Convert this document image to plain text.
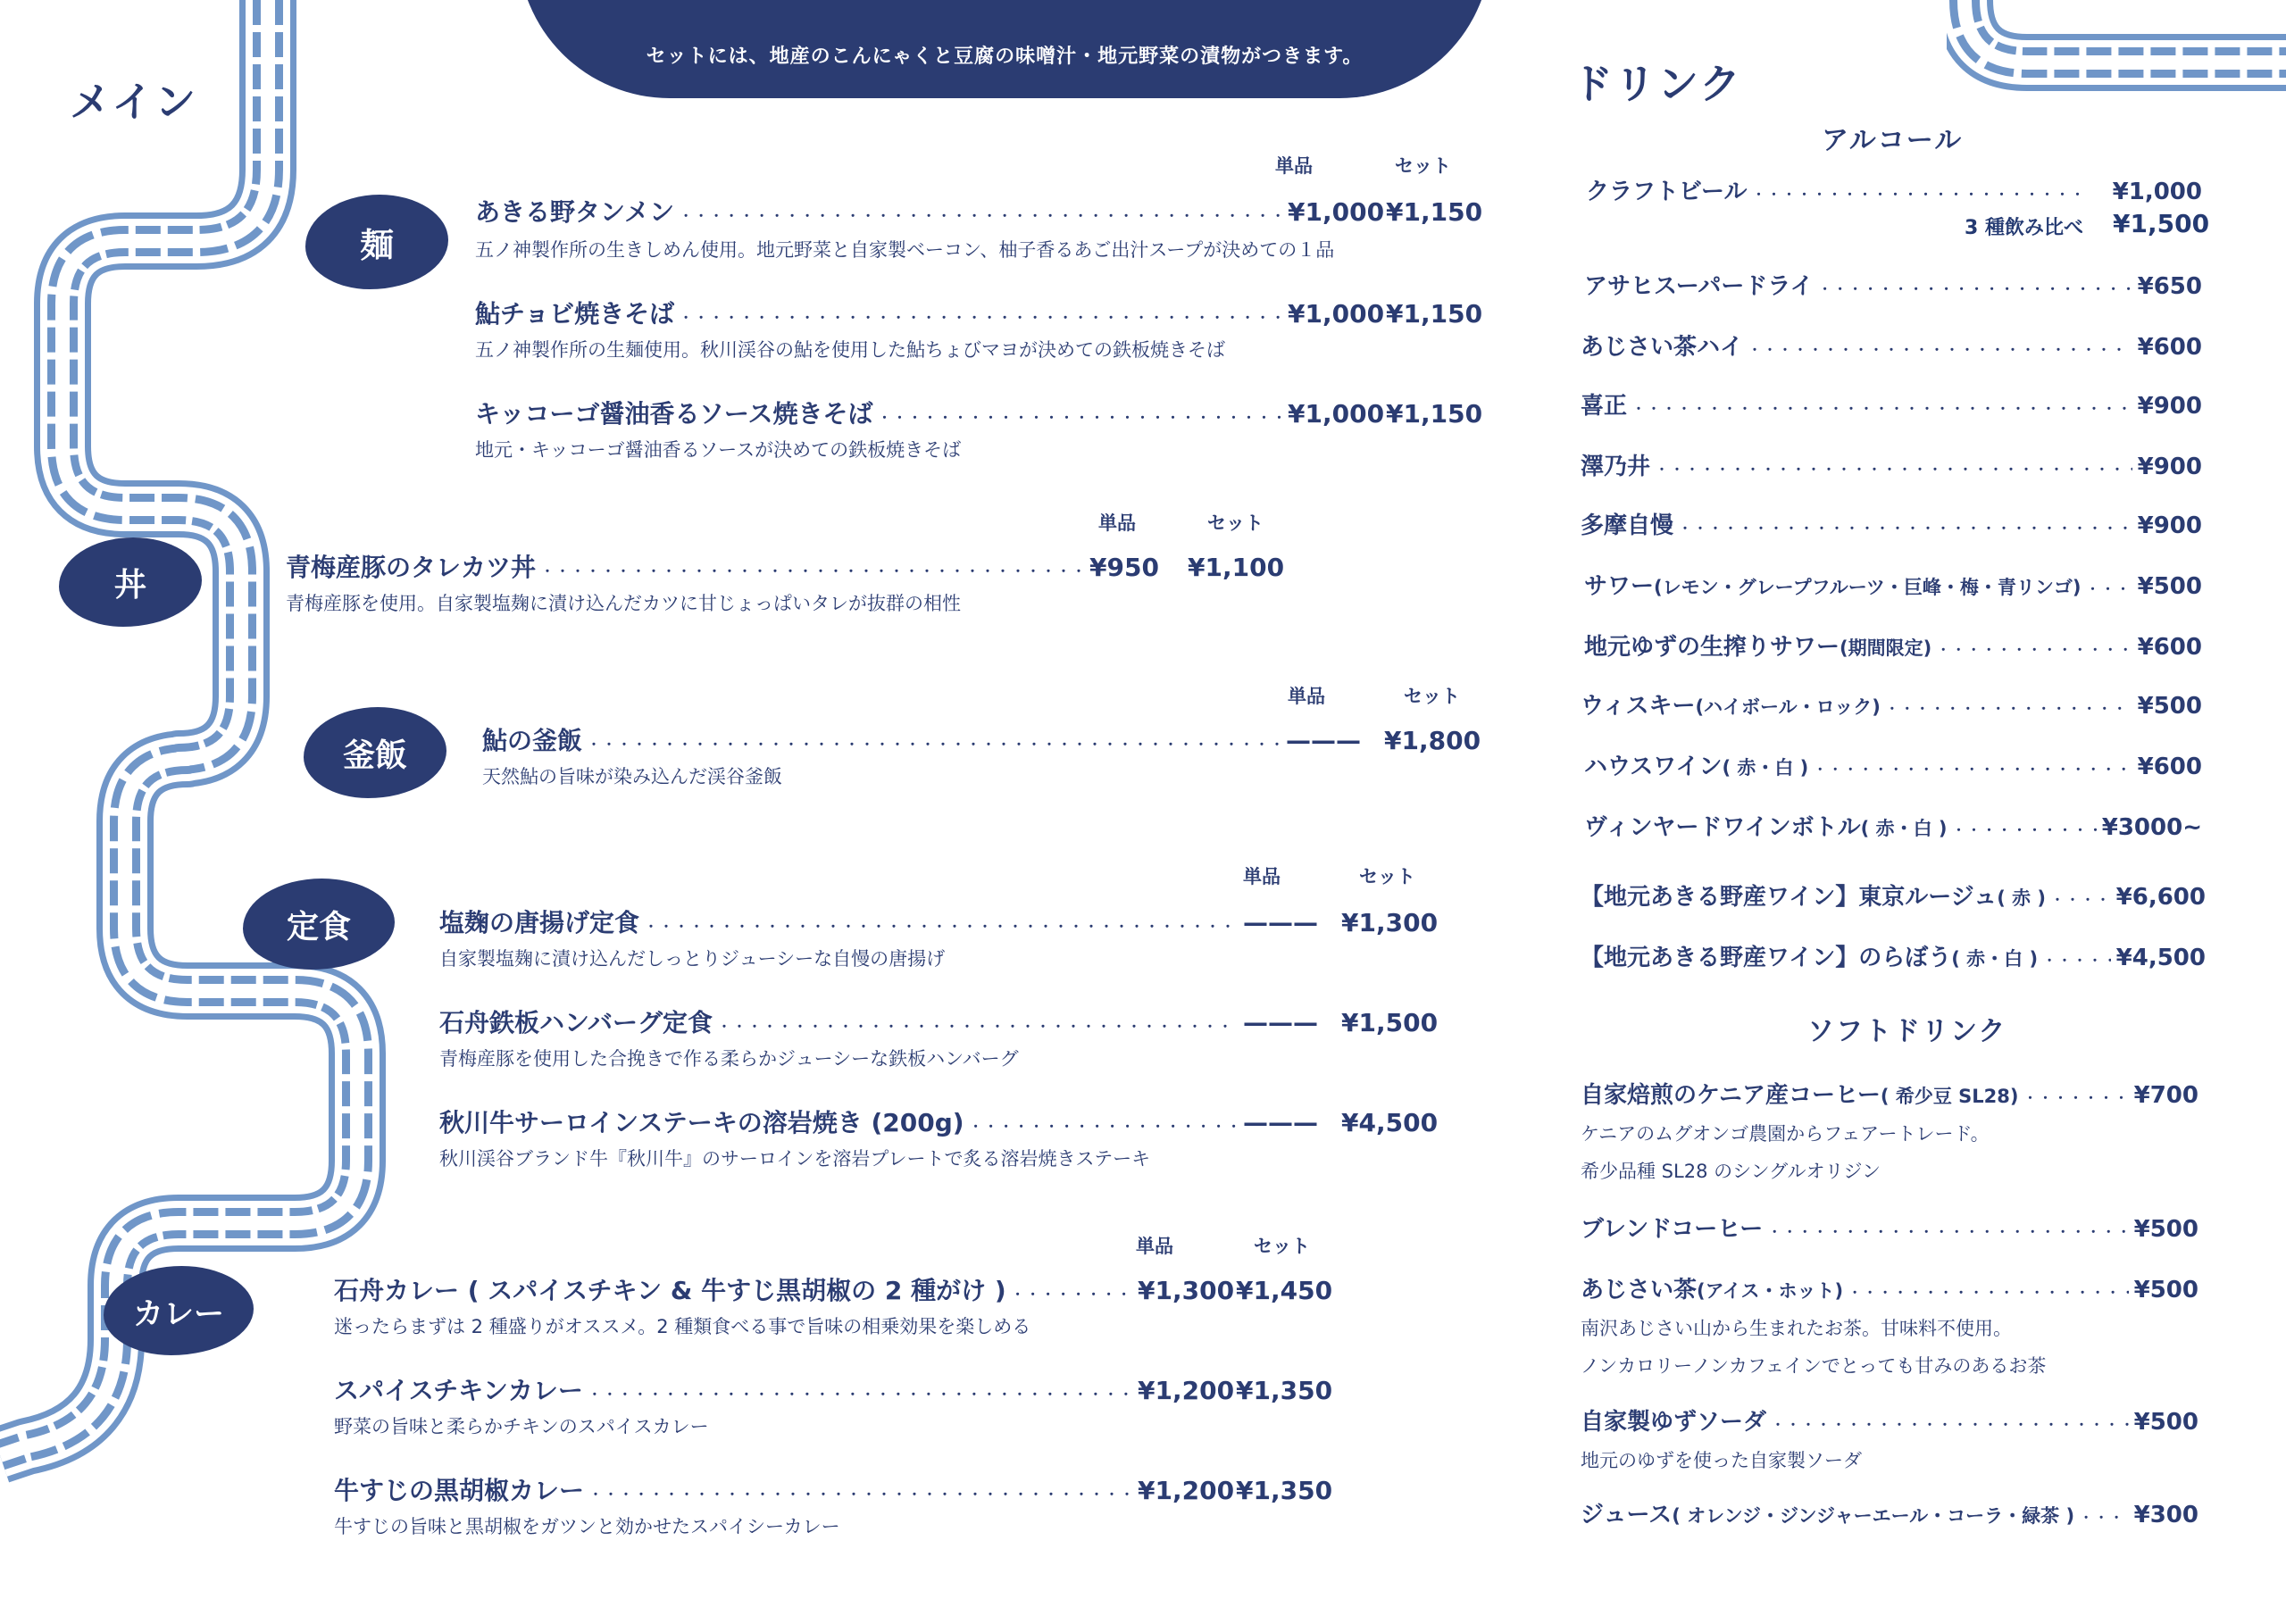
セットには、地産のこんにゃくと豆腐の味噌汁・地元野菜の漬物がつきます。
メイン	ドリンク
麺
丼
釜飯
定食
カレー
単品	セット
あきる野タンメン ・・・・・・・・・・・・・・・・・・・・・・・・・・・・・・・・・・・・・・・・・・・・・・・・・・・・・・・・・・・・・・・・・・・・・・・・・・・・・	¥1,000 ¥1,150
五ノ神製作所の生きしめん使用。地元野菜と自家製ベーコン、柚子香るあご出汁スープが決めての１品
鮎チョビ焼きそば ・・・・・・・・・・・・・・・・・・・・・・・・・・・・・・・・・・・・・・・・・・・・・・・・・・・・・・・・・・・・・・・・・・・・・・・・・・・・・	¥1,000 ¥1,150
五ノ神製作所の生麺使用。秋川渓谷の鮎を使用した鮎ちょびマヨが決めての鉄板焼きそば
キッコーゴ醤油香るソース焼きそば ・・・・・・・・・・・・・・・・・・・・・・・・・・・・・・・・・・・・・・・・・・・・・・・・・・・・・・・・・・・・・・・・・・・・・・・・・・・・・	¥1,000 ¥1,150
地元・キッコーゴ醤油香るソースが決めての鉄板焼きそば
単品	セット
青梅産豚のタレカツ丼 ・・・・・・・・・・・・・・・・・・・・・・・・・・・・・・・・・・・・・・・・・・・・・・・・・・・・・・・・・・・・・・・・・・・・・・・・・・・・・	¥950	¥1,100
青梅産豚を使用。自家製塩麹に漬け込んだカツに甘じょっぱいタレが抜群の相性
単品	セット
鮎の釜飯 ・・・・・・・・・・・・・・・・・・・・・・・・・・・・・・・・・・・・・・・・・・・・・・・・・・・・・・・・・・・・・・・・・・・・・・・・・・・・・	——— ¥1,800
天然鮎の旨味が染み込んだ渓谷釜飯
単品	セット
塩麹の唐揚げ定食 ・・・・・・・・・・・・・・・・・・・・・・・・・・・・・・・・・・・・・・・・・・・・・・・・・・・・・・・・・・・・・・・・・・・・・・・・・・・・・	——— ¥1,300
自家製塩麹に漬け込んだしっとりジューシーな自慢の唐揚げ
石舟鉄板ハンバーグ定食 ・・・・・・・・・・・・・・・・・・・・・・・・・・・・・・・・・・・・・・・・・・・・・・・・・・・・・・・・・・・・・・・・・・・・・・・・・・・・・	——— ¥1,500
青梅産豚を使用した合挽きで作る柔らかジューシーな鉄板ハンバーグ
秋川牛サーロインステーキの溶岩焼き (200g) ・・・・・・・・・・・・・・・・・・・・・・・・・・・・・・・・・・・・・・・・・・・・・・・・・・・・・・・・・・・・・・・・・・・・・・・・・・・・・	——— ¥4,500
秋川渓谷ブランド牛『秋川牛』のサーロインを溶岩プレートで炙る溶岩焼きステーキ
単品	セット
石舟カレー ( スパイスチキン & 牛すじ黒胡椒の 2 種がけ ) ・・・・・・・・・・・・・・・・・・・・・・・・・・・・・・・・・・・・・・・・・・・・・・・・・・・・・・・・・・・・・・・・・・・・・・・・・・・・・	¥1,300 ¥1,450
迷ったらまずは 2 種盛りがオススメ。2 種類食べる事で旨味の相乗効果を楽しめる
スパイスチキンカレー ・・・・・・・・・・・・・・・・・・・・・・・・・・・・・・・・・・・・・・・・・・・・・・・・・・・・・・・・・・・・・・・・・・・・・・・・・・・・・	¥1,200 ¥1,350
野菜の旨味と柔らかチキンのスパイスカレー
牛すじの黒胡椒カレー ・・・・・・・・・・・・・・・・・・・・・・・・・・・・・・・・・・・・・・・・・・・・・・・・・・・・・・・・・・・・・・・・・・・・・・・・・・・・・	¥1,200 ¥1,350
牛すじの旨味と黒胡椒をガツンと効かせたスパイシーカレー
アルコール
クラフトビール ・・・・・・・・・・・・・・・・・・・・・・・・・・・・・・・・・・・・・・・・・・・・・・・・・・・・・・・・・・・・・・・・・・・・・・・・・・・・・	¥1,000
3 種飲み比べ ¥1,500
アサヒスーパードライ ・・・・・・・・・・・・・・・・・・・・・・・・・・・・・・・・・・・・・・・・・・・・・・・・・・・・・・・・・・・・・・・・・・・・・・・・・・・・・	¥650
あじさい茶ハイ ・・・・・・・・・・・・・・・・・・・・・・・・・・・・・・・・・・・・・・・・・・・・・・・・・・・・・・・・・・・・・・・・・・・・・・・・・・・・・	¥600
喜正 ・・・・・・・・・・・・・・・・・・・・・・・・・・・・・・・・・・・・・・・・・・・・・・・・・・・・・・・・・・・・・・・・・・・・・・・・・・・・・	¥900
澤乃井 ・・・・・・・・・・・・・・・・・・・・・・・・・・・・・・・・・・・・・・・・・・・・・・・・・・・・・・・・・・・・・・・・・・・・・・・・・・・・・	¥900
多摩自慢 ・・・・・・・・・・・・・・・・・・・・・・・・・・・・・・・・・・・・・・・・・・・・・・・・・・・・・・・・・・・・・・・・・・・・・・・・・・・・・	¥900
サワー (レモン・グレープフルーツ・巨峰・梅・青リンゴ) ・・・・・・・・・・・・・・・・・・・・・・・・・・・・・・・・・・・・・・・・・・・・・・・・・・・・・・・・・・・・・・・・・・・・・・・・・・・・・ ¥500
地元ゆずの生搾りサワー (期間限定) ・・・・・・・・・・・・・・・・・・・・・・・・・・・・・・・・・・・・・・・・・・・・・・・・・・・・・・・・・・・・・・・・・・・・・・・・・・・・・	¥600
ウィスキー (ハイボール・ロック) ・・・・・・・・・・・・・・・・・・・・・・・・・・・・・・・・・・・・・・・・・・・・・・・・・・・・・・・・・・・・・・・・・・・・・・・・・・・・・	¥500
ハウスワイン ( 赤・白 ) ・・・・・・・・・・・・・・・・・・・・・・・・・・・・・・・・・・・・・・・・・・・・・・・・・・・・・・・・・・・・・・・・・・・・・・・・・・・・・	¥600
ヴィンヤードワインボトル ( 赤・白 ) ・・・・・・・・・・・・・・・・・・・・・・・・・・・・・・・・・・・・・・・・・・・・・・・・・・・・・・・・・・・・・・・・・・・・・・・・・・・・・	¥3000~
【地元あきる野産ワイン】東京ルージュ ( 赤 ) ・・・・・・・・・・・・・・・・・・・・・・・・・・・・・・・・・・・・・・・・・・・・・・・・・・・・・・・・・・・・・・・・・・・・・・・・・・・・・	¥6,600
【地元あきる野産ワイン】のらぼう ( 赤・白 ) ・・・・・・・・・・・・・・・・・・・・・・・・・・・・・・・・・・・・・・・・・・・・・・・・・・・・・・・・・・・・・・・・・・・・・・・・・・・・・	¥4,500
ソフトドリンク
自家焙煎のケニア産コーヒー ( 希少豆 SL28) ・・・・・・・・・・・・・・・・・・・・・・・・・・・・・・・・・・・・・・・・・・・・・・・・・・・・・・・・・・・・・・・・・・・・・・・・・・・・・	¥700
ケニアのムグオンゴ農園からフェアートレード。
希少品種 SL28 のシングルオリジン
ブレンドコーヒー ・・・・・・・・・・・・・・・・・・・・・・・・・・・・・・・・・・・・・・・・・・・・・・・・・・・・・・・・・・・・・・・・・・・・・・・・・・・・・	¥500
あじさい茶 (アイス・ホット) ・・・・・・・・・・・・・・・・・・・・・・・・・・・・・・・・・・・・・・・・・・・・・・・・・・・・・・・・・・・・・・・・・・・・・・・・・・・・・	¥500
南沢あじさい山から生まれたお茶。甘味料不使用。
ノンカロリーノンカフェインでとっても甘みのあるお茶
自家製ゆずソーダ ・・・・・・・・・・・・・・・・・・・・・・・・・・・・・・・・・・・・・・・・・・・・・・・・・・・・・・・・・・・・・・・・・・・・・・・・・・・・・	¥500
地元のゆずを使った自家製ソーダ
ジュース ( オレンジ・ジンジャーエール・コーラ・緑茶 ) ・・・・・・・・・・・・・・・・・・・・・・・・・・・・・・・・・・・・・・・・・・・・・・・・・・・・・・・・・・・・・・・・・・・・・・・・・・・・・	¥300
